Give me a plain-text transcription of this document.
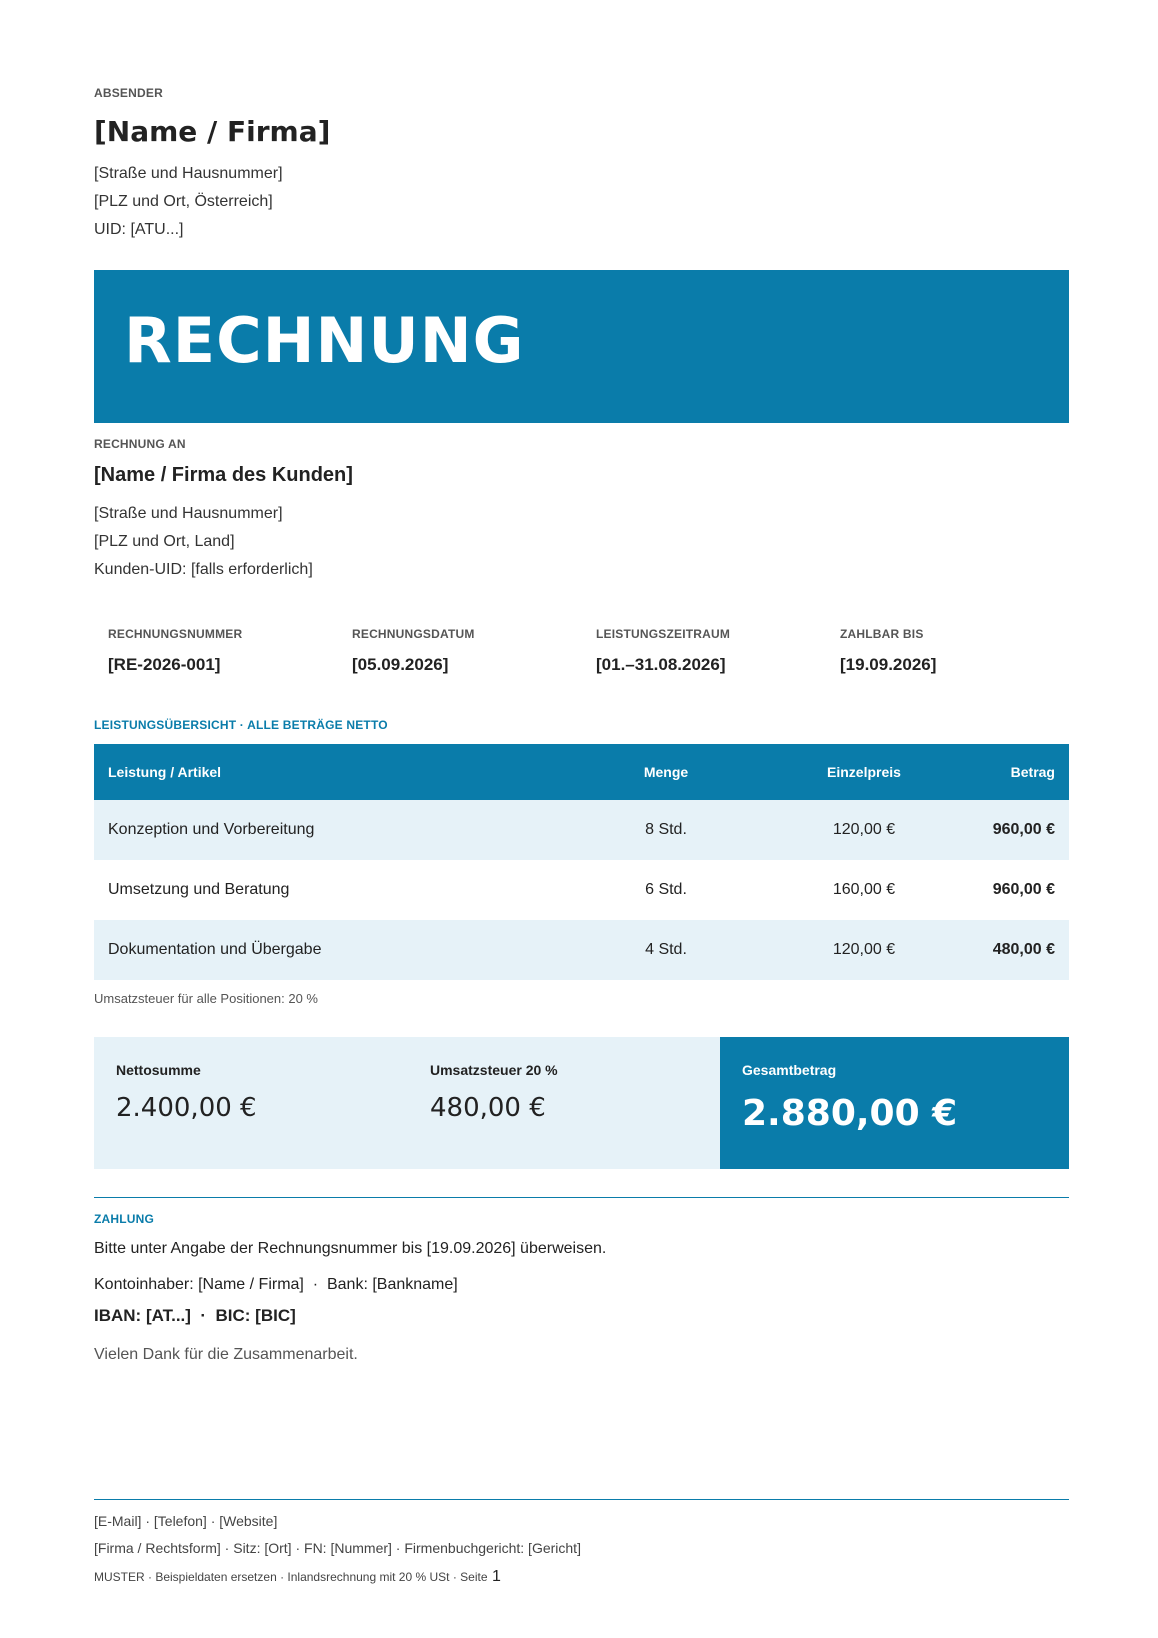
ABSENDER
[Name / Firma]
[Straße und Hausnummer]
[PLZ und Ort, Österreich]
UID: [ATU...]
RECHNUNG
RECHNUNG AN
[Name / Firma des Kunden]
[Straße und Hausnummer]
[PLZ und Ort, Land]
Kunden-UID: [falls erforderlich]
RECHNUNGSNUMMER
[RE-2026-001]
RECHNUNGSDATUM
[05.09.2026]
LEISTUNGSZEITRAUM
[01.–31.08.2026]
ZAHLBAR BIS
[19.09.2026]
LEISTUNGSÜBERSICHT · ALLE BETRÄGE NETTO
Leistung / Artikel	Menge	Einzelpreis	Betrag
Konzeption und Vorbereitung	8 Std.	120,00 €	960,00 €
Umsetzung und Beratung	6 Std.	160,00 €	960,00 €
Dokumentation und Übergabe	4 Std.	120,00 €	480,00 €
Umsatzsteuer für alle Positionen: 20 %
Nettosumme
2.400,00 €
Umsatzsteuer 20 %
480,00 €
Gesamtbetrag
2.880,00 €
ZAHLUNG
Bitte unter Angabe der Rechnungsnummer bis [19.09.2026] überweisen.
Kontoinhaber: [Name / Firma]  ·  Bank: [Bankname]
IBAN: [AT...]  ·  BIC: [BIC]
Vielen Dank für die Zusammenarbeit.
[E-Mail] · [Telefon] · [Website]
[Firma / Rechtsform] · Sitz: [Ort] · FN: [Nummer] · Firmenbuchgericht: [Gericht]
MUSTER · Beispieldaten ersetzen · Inlandsrechnung mit 20 % USt · Seite 1
